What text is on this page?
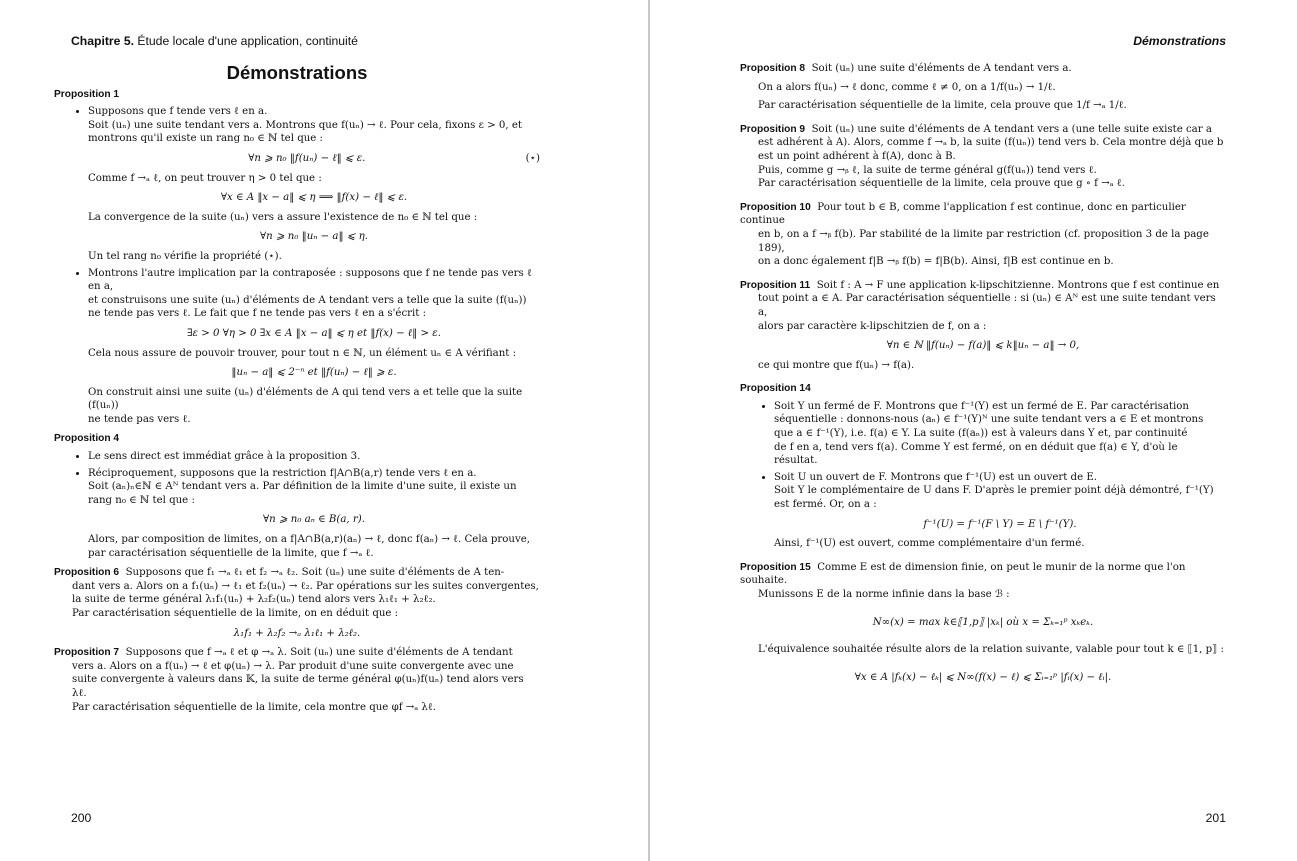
Chapitre 5. Étude locale d'une application, continuité
Démonstrations
Proposition 1

• Supposons que f tende vers ℓ en a.

Soit (uₙ) une suite tendant vers a. Montrons que f(uₙ) → ℓ. Pour cela, fixons ε > 0, et

montrons qu'il existe un rang n₀ ∈ ℕ tel que :

∀n ⩾ n₀ ‖f(uₙ) − ℓ‖ ⩽ ε.	(⋆)

Comme f →ₐ ℓ, on peut trouver η > 0 tel que :

∀x ∈ A ‖x − a‖ ⩽ η ⟹ ‖f(x) − ℓ‖ ⩽ ε.

La convergence de la suite (uₙ) vers a assure l'existence de n₀ ∈ ℕ tel que :

∀n ⩾ n₀ ‖uₙ − a‖ ⩽ η.

Un tel rang n₀ vérifie la propriété (⋆).

• Montrons l'autre implication par la contraposée : supposons que f ne tende pas vers ℓ en a,

et construisons une suite (uₙ) d'éléments de A tendant vers a telle que la suite (f(uₙ))

ne tende pas vers ℓ. Le fait que f ne tende pas vers ℓ en a s'écrit :

∃ε > 0 ∀η > 0 ∃x ∈ A ‖x − a‖ ⩽ η et ‖f(x) − ℓ‖ > ε.

Cela nous assure de pouvoir trouver, pour tout n ∈ ℕ, un élément uₙ ∈ A vérifiant :

‖uₙ − a‖ ⩽ 2⁻ⁿ et ‖f(uₙ) − ℓ‖ ⩾ ε.

On construit ainsi une suite (uₙ) d'éléments de A qui tend vers a et telle que la suite (f(uₙ))

ne tende pas vers ℓ.

Proposition 4

• Le sens direct est immédiat grâce à la proposition 3.

• Réciproquement, supposons que la restriction f|A∩B(a,r) tende vers ℓ en a.

Soit (aₙ)ₙ∈ℕ ∈ Aᴺ tendant vers a. Par définition de la limite d'une suite, il existe un

rang n₀ ∈ ℕ tel que :

∀n ⩾ n₀ aₙ ∈ B(a, r).

Alors, par composition de limites, on a f|A∩B(a,r)(aₙ) → ℓ, donc f(aₙ) → ℓ. Cela prouve,

par caractérisation séquentielle de la limite, que f →ₐ ℓ.

Proposition 6 Supposons que f₁ →ₐ ℓ₁ et f₂ →ₐ ℓ₂. Soit (uₙ) une suite d'éléments de A ten-

dant vers a. Alors on a f₁(uₙ) → ℓ₁ et f₂(uₙ) → ℓ₂. Par opérations sur les suites convergentes,

la suite de terme général λ₁f₁(uₙ) + λ₂f₂(uₙ) tend alors vers λ₁ℓ₁ + λ₂ℓ₂.

Par caractérisation séquentielle de la limite, on en déduit que :

λ₁f₁ + λ₂f₂ →ₐ λ₁ℓ₁ + λ₂ℓ₂.

Proposition 7 Supposons que f →ₐ ℓ et φ →ₐ λ. Soit (uₙ) une suite d'éléments de A tendant

vers a. Alors on a f(uₙ) → ℓ et φ(uₙ) → λ. Par produit d'une suite convergente avec une

suite convergente à valeurs dans 𝕂, la suite de terme général φ(uₙ)f(uₙ) tend alors vers λℓ.

Par caractérisation séquentielle de la limite, cela montre que φf →ₐ λℓ.

200
Démonstrations

Proposition 8 Soit (uₙ) une suite d'éléments de A tendant vers a.

On a alors f(uₙ) → ℓ donc, comme ℓ ≠ 0, on a 1/f(uₙ) → 1/ℓ.

Par caractérisation séquentielle de la limite, cela prouve que 1/f →ₐ 1/ℓ.

Proposition 9 Soit (uₙ) une suite d'éléments de A tendant vers a (une telle suite existe car a

est adhérent à A). Alors, comme f →ₐ b, la suite (f(uₙ)) tend vers b. Cela montre déjà que b

est un point adhérent à f(A), donc à B.

Puis, comme g →ᵦ ℓ, la suite de terme général g(f(uₙ)) tend vers ℓ.

Par caractérisation séquentielle de la limite, cela prouve que g ∘ f →ₐ ℓ.

Proposition 10 Pour tout b ∈ B, comme l'application f est continue, donc en particulier continue

en b, on a f →ᵦ f(b). Par stabilité de la limite par restriction (cf. proposition 3 de la page 189),

on a donc également f|B →ᵦ f(b) = f|B(b). Ainsi, f|B est continue en b.

Proposition 11 Soit f : A → F une application k-lipschitzienne. Montrons que f est continue en

tout point a ∈ A. Par caractérisation séquentielle : si (uₙ) ∈ Aᴺ est une suite tendant vers a,

alors par caractère k-lipschitzien de f, on a :

∀n ∈ ℕ ‖f(uₙ) − f(a)‖ ⩽ k‖uₙ − a‖ → 0,

ce qui montre que f(uₙ) → f(a).

Proposition 14

• Soit Y un fermé de F. Montrons que f⁻¹(Y) est un fermé de E. Par caractérisation

séquentielle : donnons-nous (aₙ) ∈ f⁻¹(Y)ᴺ une suite tendant vers a ∈ E et montrons

que a ∈ f⁻¹(Y), i.e. f(a) ∈ Y. La suite (f(aₙ)) est à valeurs dans Y et, par continuité

de f en a, tend vers f(a). Comme Y est fermé, on en déduit que f(a) ∈ Y, d'où le

résultat.

• Soit U un ouvert de F. Montrons que f⁻¹(U) est un ouvert de E.

Soit Y le complémentaire de U dans F. D'après le premier point déjà démontré, f⁻¹(Y)

est fermé. Or, on a :

f⁻¹(U) = f⁻¹(F \ Y) = E \ f⁻¹(Y).

Ainsi, f⁻¹(U) est ouvert, comme complémentaire d'un fermé.

Proposition 15 Comme E est de dimension finie, on peut le munir de la norme que l'on souhaite.

Munissons E de la norme infinie dans la base ℬ :

N∞(x) = max k∈⟦1,p⟧ |xₖ| où x = Σₖ₌₁ᵖ xₖeₖ.

L'équivalence souhaitée résulte alors de la relation suivante, valable pour tout k ∈ ⟦1, p⟧ :

∀x ∈ A |fₖ(x) − ℓₖ| ⩽ N∞(f(x) − ℓ) ⩽ Σᵢ₌₁ᵖ |fᵢ(x) − ℓᵢ|.
201
